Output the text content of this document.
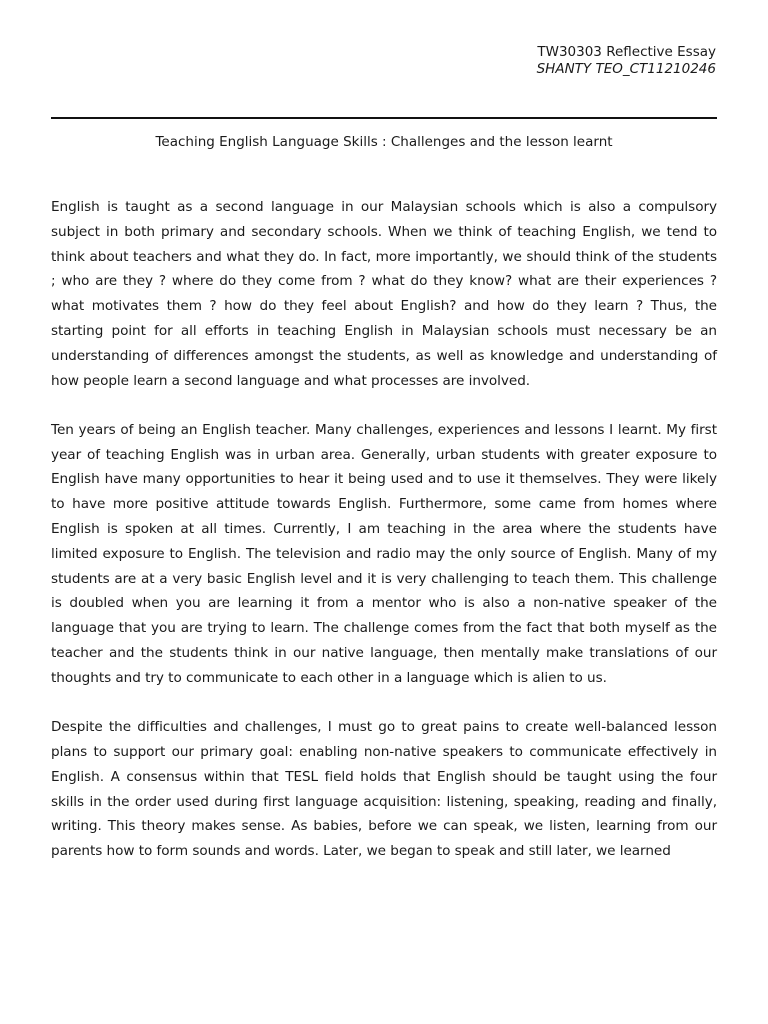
TW30303 Reflective Essay
SHANTY TEO_CT11210246
Teaching English Language Skills : Challenges and the lesson learnt

English is taught as a second language in our Malaysian schools which is also a compulsory subject in both primary and secondary schools. When we think of teaching English, we tend to think about teachers and what they do. In fact, more importantly, we should think of the students ; who are they ? where do they come from ? what do they know? what are their experiences ? what motivates them ? how do they feel about English? and how do they learn ? Thus, the starting point for all efforts in teaching English in Malaysian schools must necessary be an understanding of differences amongst the students, as well as knowledge and understanding of how people learn a second language and what processes are involved.

Ten years of being an English teacher. Many challenges, experiences and lessons I learnt. My first year of teaching English was in urban area. Generally, urban students with greater exposure to English have many opportunities to hear it being used and to use it themselves. They were likely to have more positive attitude towards English. Furthermore, some came from homes where English is spoken at all times. Currently, I am teaching in the area where the students have limited exposure to English. The television and radio may the only source of English. Many of my students are at a very basic English level and it is very challenging to teach them. This challenge is doubled when you are learning it from a mentor who is also a non-native speaker of the language that you are trying to learn. The challenge comes from the fact that both myself as the teacher and the students think in our native language, then mentally make translations of our thoughts and try to communicate to each other in a language which is alien to us.

Despite the difficulties and challenges, I must go to great pains to create well-balanced lesson plans to support our primary goal: enabling non-native speakers to communicate effectively in English. A consensus within that TESL field holds that English should be taught using the four skills in the order used during first language acquisition: listening, speaking, reading and finally, writing. This theory makes sense. As babies, before we can speak, we listen, learning from our parents how to form sounds and words. Later, we began to speak and still later, we learned
